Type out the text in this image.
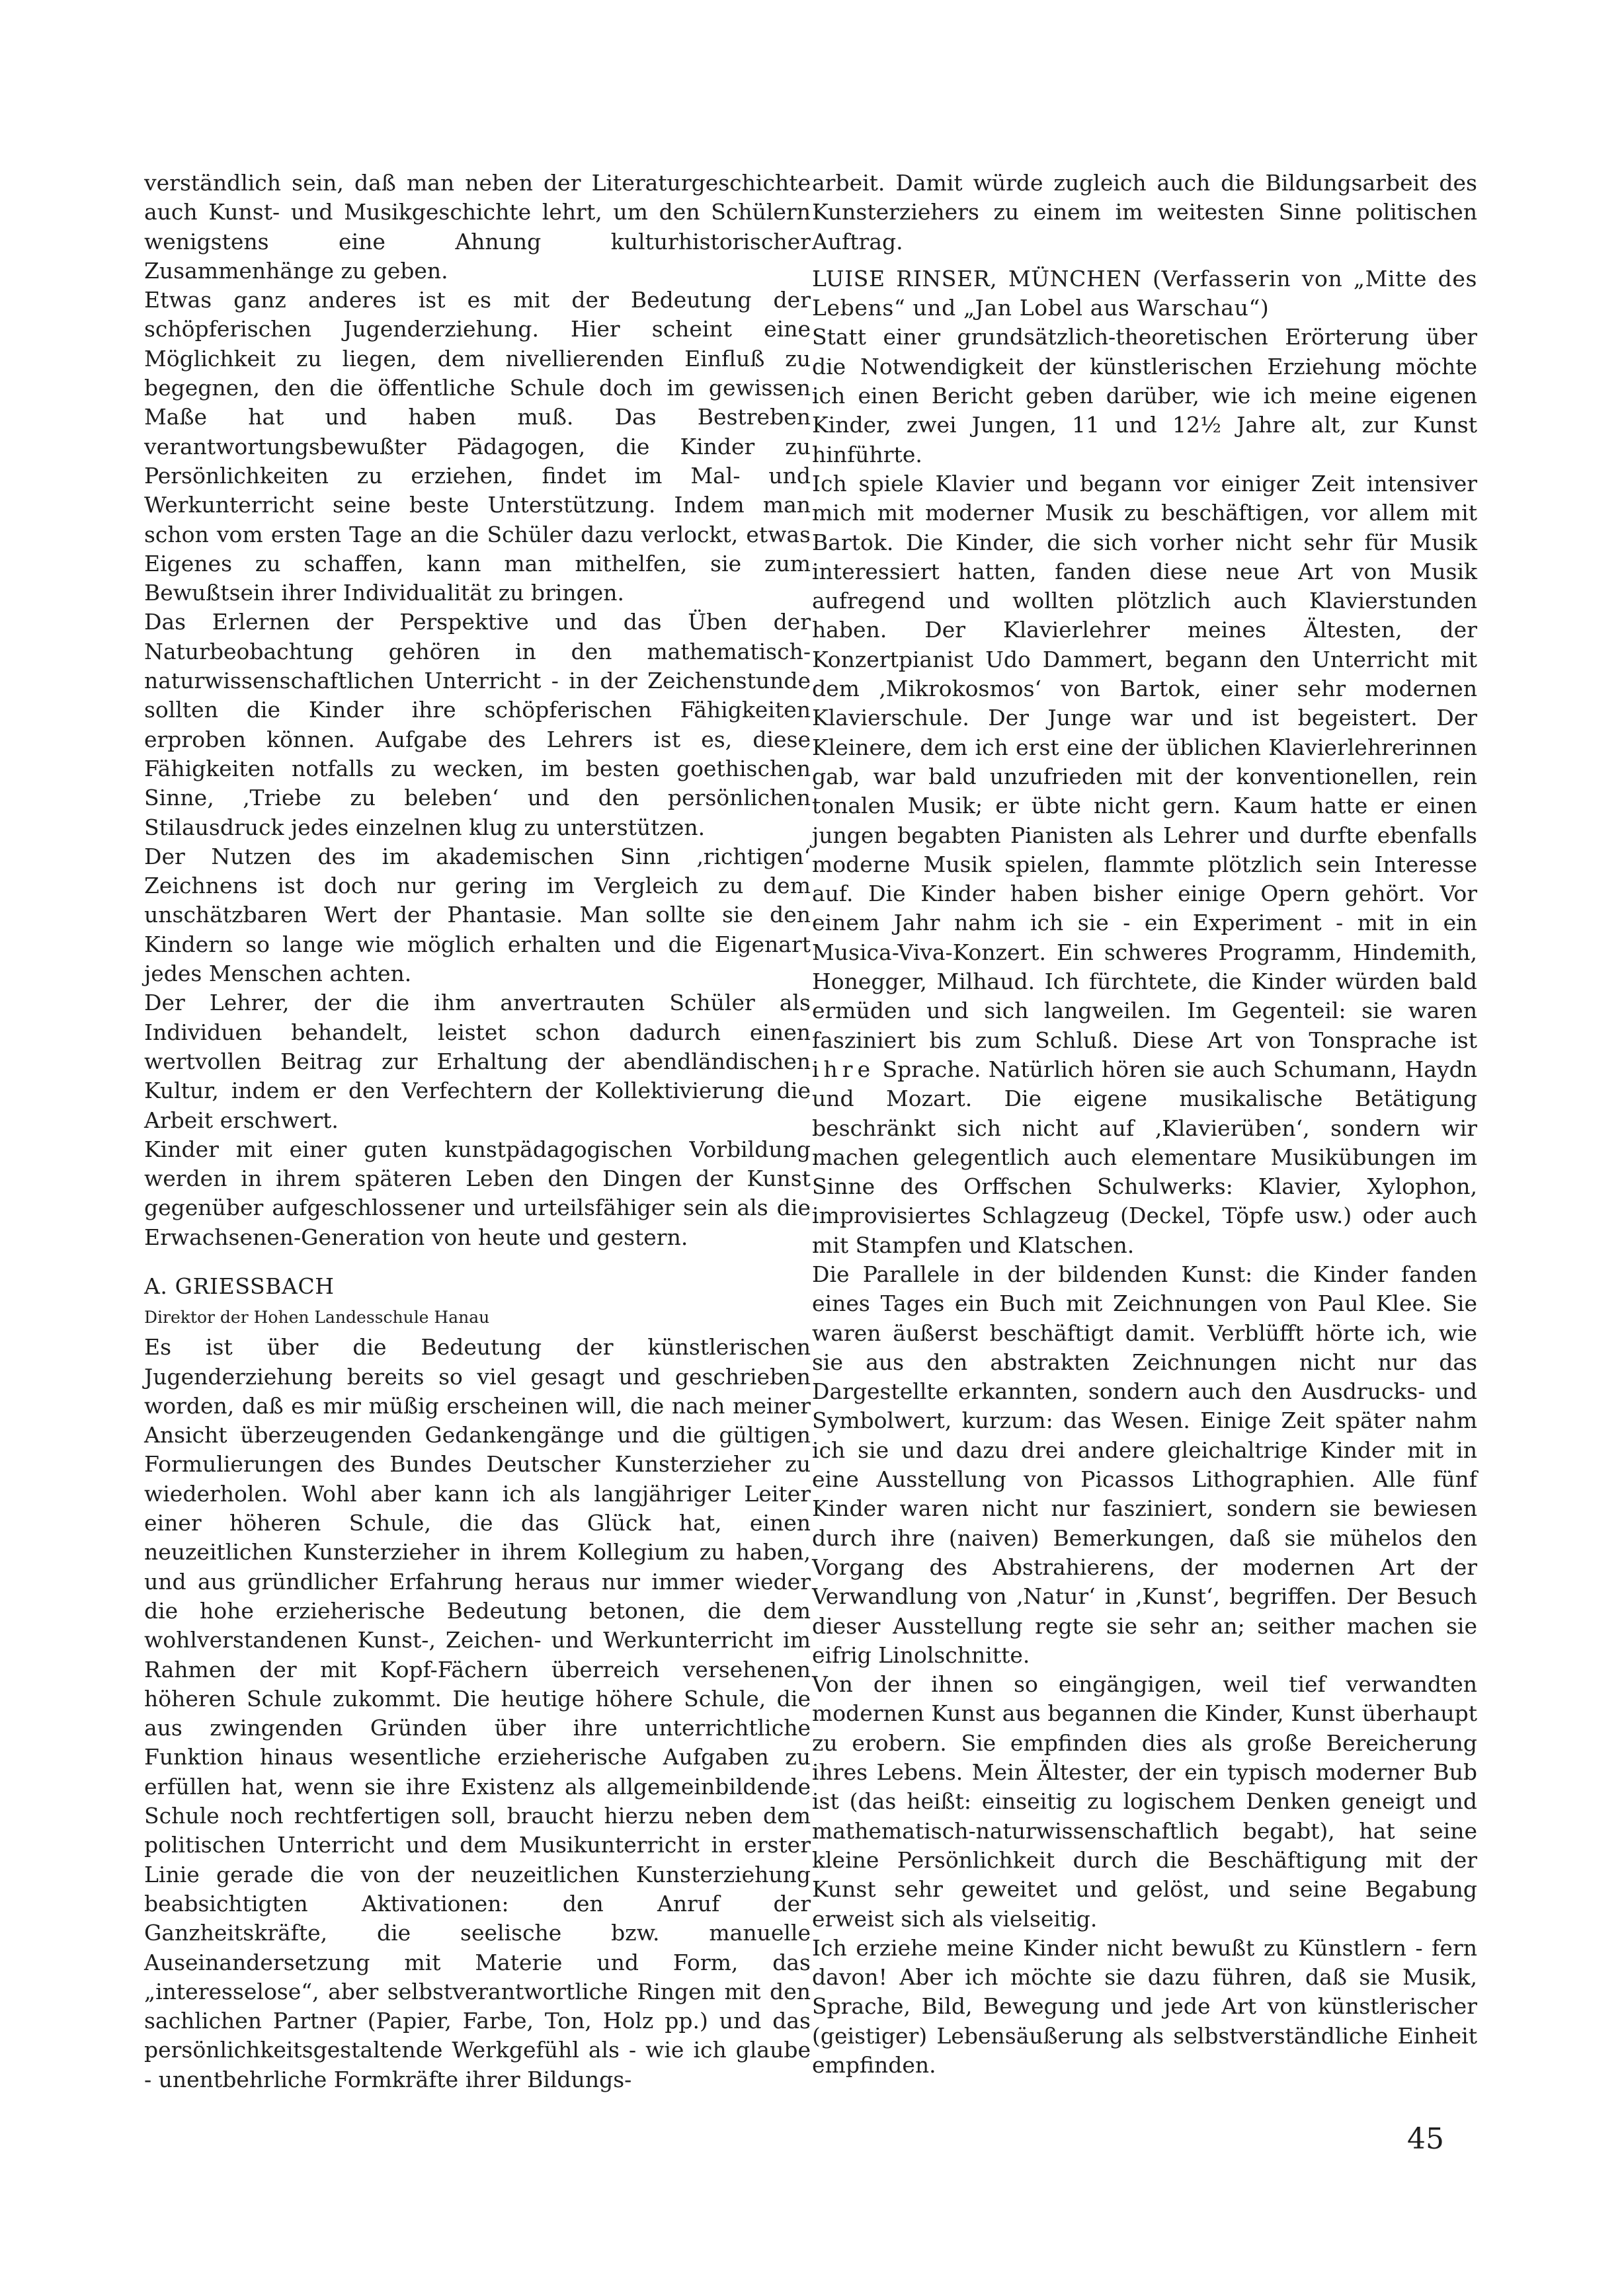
verständlich sein, daß man neben der Literaturgeschichte auch Kunst- und Musikgeschichte lehrt, um den Schülern wenigstens eine Ahnung kulturhistorischer Zusammenhänge zu geben.

Etwas ganz anderes ist es mit der Bedeutung der schöpferischen Jugenderziehung. Hier scheint eine Möglichkeit zu liegen, dem nivellierenden Einfluß zu begegnen, den die öffentliche Schule doch im gewissen Maße hat und haben muß. Das Bestreben verantwortungsbewußter Pädagogen, die Kinder zu Persönlichkeiten zu erziehen, findet im Mal- und Werkunterricht seine beste Unterstützung. Indem man schon vom ersten Tage an die Schüler dazu verlockt, etwas Eigenes zu schaffen, kann man mithelfen, sie zum Bewußtsein ihrer Individualität zu bringen.

Das Erlernen der Perspektive und das Üben der Naturbeobachtung gehören in den mathematisch-naturwissenschaftlichen Unterricht - in der Zeichenstunde sollten die Kinder ihre schöpferischen Fähigkeiten erproben können. Aufgabe des Lehrers ist es, diese Fähigkeiten notfalls zu wecken, im besten goethischen Sinne, ‚Triebe zu beleben‘ und den persönlichen Stilausdruck jedes einzelnen klug zu unterstützen.

Der Nutzen des im akademischen Sinn ‚richtigen‘ Zeichnens ist doch nur gering im Vergleich zu dem unschätzbaren Wert der Phantasie. Man sollte sie den Kindern so lange wie möglich erhalten und die Eigenart jedes Menschen achten.

Der Lehrer, der die ihm anvertrauten Schüler als Individuen behandelt, leistet schon dadurch einen wertvollen Beitrag zur Erhaltung der abendländischen Kultur, indem er den Verfechtern der Kollektivierung die Arbeit erschwert.

Kinder mit einer guten kunstpädagogischen Vorbildung werden in ihrem späteren Leben den Dingen der Kunst gegenüber aufgeschlossener und urteilsfähiger sein als die Erwachsenen-Generation von heute und gestern.

A. GRIESSBACH

Direktor der Hohen Landesschule Hanau

Es ist über die Bedeutung der künstlerischen Jugenderziehung bereits so viel gesagt und geschrieben worden, daß es mir müßig erscheinen will, die nach meiner Ansicht überzeugenden Gedankengänge und die gültigen Formulierungen des Bundes Deutscher Kunsterzieher zu wiederholen. Wohl aber kann ich als langjähriger Leiter einer höheren Schule, die das Glück hat, einen neuzeitlichen Kunsterzieher in ihrem Kollegium zu haben, und aus gründlicher Erfahrung heraus nur immer wieder die hohe erzieherische Bedeutung betonen, die dem wohlverstandenen Kunst-, Zeichen- und Werkunterricht im Rahmen der mit Kopf-Fächern überreich versehenen höheren Schule zukommt. Die heutige höhere Schule, die aus zwingenden Gründen über ihre unterrichtliche Funktion hinaus wesentliche erzieherische Aufgaben zu erfüllen hat, wenn sie ihre Existenz als allgemeinbildende Schule noch rechtfertigen soll, braucht hierzu neben dem politischen Unterricht und dem Musikunterricht in erster Linie gerade die von der neuzeitlichen Kunsterziehung beabsichtigten Aktivationen: den Anruf der Ganzheitskräfte, die seelische bzw. manuelle Auseinandersetzung mit Materie und Form, das „interesselose“, aber selbstverantwortliche Ringen mit den sachlichen Partner (Papier, Farbe, Ton, Holz pp.) und das persönlichkeitsgestaltende Werkgefühl als - wie ich glaube - unentbehrliche Formkräfte ihrer Bildungs-

arbeit. Damit würde zugleich auch die Bildungsarbeit des Kunsterziehers zu einem im weitesten Sinne politischen Auftrag.

LUISE RINSER, MÜNCHEN (Verfasserin von „Mitte des Lebens“ und „Jan Lobel aus Warschau“)

Statt einer grundsätzlich-theoretischen Erörterung über die Notwendigkeit der künstlerischen Erziehung möchte ich einen Bericht geben darüber, wie ich meine eigenen Kinder, zwei Jungen, 11 und 12½ Jahre alt, zur Kunst hinführte.

Ich spiele Klavier und begann vor einiger Zeit intensiver mich mit moderner Musik zu beschäftigen, vor allem mit Bartok. Die Kinder, die sich vorher nicht sehr für Musik interessiert hatten, fanden diese neue Art von Musik aufregend und wollten plötzlich auch Klavierstunden haben. Der Klavierlehrer meines Ältesten, der Konzertpianist Udo Dammert, begann den Unterricht mit dem ‚Mikrokosmos‘ von Bartok, einer sehr modernen Klavierschule. Der Junge war und ist begeistert. Der Kleinere, dem ich erst eine der üblichen Klavierlehrerinnen gab, war bald unzufrieden mit der konventionellen, rein tonalen Musik; er übte nicht gern. Kaum hatte er einen jungen begabten Pianisten als Lehrer und durfte ebenfalls moderne Musik spielen, flammte plötzlich sein Interesse auf. Die Kinder haben bisher einige Opern gehört. Vor einem Jahr nahm ich sie - ein Experiment - mit in ein Musica-Viva-Konzert. Ein schweres Programm, Hindemith, Honegger, Milhaud. Ich fürchtete, die Kinder würden bald ermüden und sich langweilen. Im Gegenteil: sie waren fasziniert bis zum Schluß. Diese Art von Tonsprache ist ihre Sprache. Natürlich hören sie auch Schumann, Haydn und Mozart. Die eigene musikalische Betätigung beschränkt sich nicht auf ‚Klavierüben‘, sondern wir machen gelegentlich auch elementare Musikübungen im Sinne des Orffschen Schulwerks: Klavier, Xylophon, improvisiertes Schlagzeug (Deckel, Töpfe usw.) oder auch mit Stampfen und Klatschen.

Die Parallele in der bildenden Kunst: die Kinder fanden eines Tages ein Buch mit Zeichnungen von Paul Klee. Sie waren äußerst beschäftigt damit. Verblüfft hörte ich, wie sie aus den abstrakten Zeichnungen nicht nur das Dargestellte erkannten, sondern auch den Ausdrucks- und Symbolwert, kurzum: das Wesen. Einige Zeit später nahm ich sie und dazu drei andere gleichaltrige Kinder mit in eine Ausstellung von Picassos Lithographien. Alle fünf Kinder waren nicht nur fasziniert, sondern sie bewiesen durch ihre (naiven) Bemerkungen, daß sie mühelos den Vorgang des Abstrahierens, der modernen Art der Verwandlung von ‚Natur‘ in ‚Kunst‘, begriffen. Der Besuch dieser Ausstellung regte sie sehr an; seither machen sie eifrig Linolschnitte.

Von der ihnen so eingängigen, weil tief verwandten modernen Kunst aus begannen die Kinder, Kunst überhaupt zu erobern. Sie empfinden dies als große Bereicherung ihres Lebens. Mein Ältester, der ein typisch moderner Bub ist (das heißt: einseitig zu logischem Denken geneigt und mathematisch-naturwissenschaftlich begabt), hat seine kleine Persönlichkeit durch die Beschäftigung mit der Kunst sehr geweitet und gelöst, und seine Begabung erweist sich als vielseitig.

Ich erziehe meine Kinder nicht bewußt zu Künstlern - fern davon! Aber ich möchte sie dazu führen, daß sie Musik, Sprache, Bild, Bewegung und jede Art von künstlerischer (geistiger) Lebensäußerung als selbstverständliche Einheit empfinden.

45
